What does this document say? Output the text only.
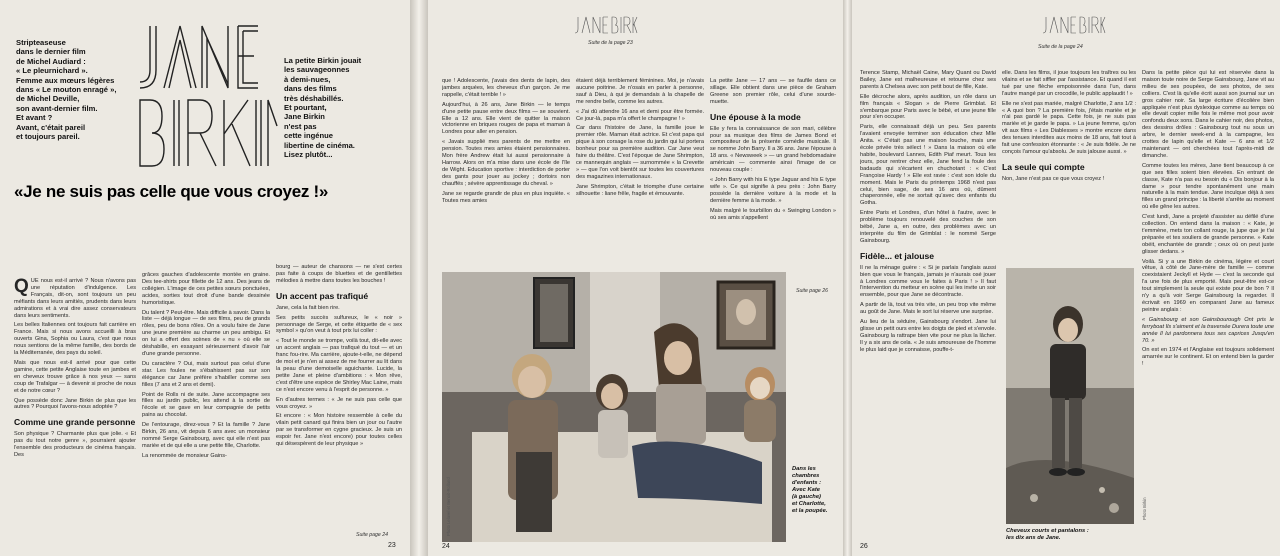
Stripteaseuse
dans le dernier film
de Michel Audiard :
« Le pleurnichard ».
Femme aux mœurs légères
dans « Le mouton enragé »,
de Michel Deville,
son avant-dernier film.
Et avant ?
Avant, c'était pareil
et toujours pareil.
La petite Birkin jouait
les sauvageonnes
à demi-nues,
dans des films
très déshabillés.
Et pourtant,
Jane Birkin
n'est pas
cette ingénue
libertine de cinéma.
Lisez plutôt...
«Je ne suis pas celle que vous croyez !»

QUE nous est-il arrivé ? Nous n'avons pas une réputation d'indulgence. Les Français, dit-on, sont toujours un peu méfiants dans leurs amitiés, prudents dans leurs admirations et à vrai dire assez conservateurs dans leurs sentiments.

Les belles Italiennes ont toujours fait carrière en France. Mais si nous avons accueilli à bras ouverts Gina, Sophia ou Laura, c'est que nous nous sentions de la même famille, des bords de la Méditerranée, des pays du soleil.

Mais que nous est-il arrivé pour que cette gamine, cette petite Anglaise toute en jambes et en cheveux trouve grâce à nos yeux — sans coup de Trafalgar — à devenir si proche de nous et de notre cœur ?

Que possède donc Jane Birkin de plus que les autres ? Pourquoi l'avons-nous adoptée ?

Comme une grande personne

Son physique ? Charmante plus que jolie. « Et pas du tout notre genre », pourraient ajouter l'ensemble des producteurs de cinéma français. Des

grâces gauches d'adolescente montée en graine. Des tee-shirts pour fillette de 12 ans. Des jeans de collégien. L'image de ces petites sœurs ponctuées, acides, sorties tout droit d'une bande dessinée humoristique.

Du talent ? Peut-être. Mais difficile à savoir. Dans la liste — déjà longue — de ses films, peu de grands rôles, peu de bons rôles. On a voulu faire de Jane une jeune première au charme un peu ambigu. Et on lui a offert des scènes de « nu » où elle se déshabille, en essayant sérieusement d'avoir l'air d'une grande personne.

Du caractère ? Oui, mais surtout pas celui d'une star. Les foules ne s'ébahissent pas sur son élégance car Jane préfère s'habiller comme ses filles (7 ans et 2 ans et demi).

Point de Rolls ni de suite. Jane accompagne ses filles au jardin public, les attend à la sortie de l'école et se gave en leur compagnie de petits pains au chocolat.

De l'entourage, direz-vous ? Et la famille ? Jane Birkin, 26 ans, vit depuis 6 ans avec un monsieur nommé Serge Gainsbourg, avec qui elle n'est pas mariée et de qui elle a une petite fille, Charlotte.

La renommée de monsieur Gains-

bourg — auteur de chansons — ne s'est certes pas faite à coups de bluettes et de gentillettes mélodies à mettre dans toutes les bouches !

Un accent pas trafiqué

Jane, cela la fait bien rire.

Ses petits succès sulfureux, le « noir » personnage de Serge, et cette étiquette de « sex symbol » qu'on veut à tout prix lui coller :

« Tout le monde se trompe, voilà tout, dit-elle avec un accent anglais — pas trafiqué du tout — et un franc fou-rire. Ma carrière, ajoute-t-elle, ne dépend de moi et je n'en ai assez de me fourrer au lit dans la peau d'une demoiselle aguichante. Lucide, la petite Jane et pleine d'ambitions : « Mon rêve, c'est d'être une espèce de Shirley Mac Laine, mais ce n'est encore venu à l'esprit de personne. »

En d'autres termes : « Je ne suis pas celle que vous croyez. »

Et encore : « Mon histoire ressemble à celle du vilain petit canard qui finira bien un jour ou l'autre par se transformer en cygne gracieux. Je suis un espoir fer. Jane n'est encore) pour toutes celles qui désespèrent de leur physique »

Suite page 24
23
Suite de la page 23

que ! Adolescente, j'avais des dents de lapin, des jambes arquées, les cheveux d'un garçon. Je me rappelle, c'était terrible ! »

Aujourd'hui, à 26 ans, Jane Birkin — le temps d'une petite pause entre deux films — se souvient. Elle a 12 ans. Elle vient de quitter la maison victorienne en briques rouges de papa et maman à Londres pour aller en pension.

« Javais supplié mes parents de me mettre en pension. Toutes mes amies étaient pensionnaires. Mon frère Andrew était lui aussi pensionnaire à Harrow. Alors on m'a mise dans une école de l'île de Wight. Education sportive : interdiction de porter des gants pour jouer au jockey ; dortoirs non chauffés ; sévère apprentissage du cheval. »

Jane se regarde grandir de plus en plus inquiète. « Toutes mes amies

étaient déjà terriblement féminines. Moi, je n'avais aucune poitrine. Je n'osais en parler à personne, sauf à Dieu, à qui je demandais à la chapelle de me rendre belle, comme les autres.

« J'ai dû attendre 16 ans et demi pour être formée. Ce jour-là, papa m'a offert le champagne ! »

Car dans l'histoire de Jane, la famille joue le premier rôle. Maman était actrice. Et c'est papa qui pique à son corsage la rose du jardin qui lui portera bonheur pour sa première audition. Car Jane veut faire du théâtre. C'est l'époque de Jane Shrimpton, ce mannequin anglais — surnommée « la Crevette » — que l'on voit bientôt sur toutes les couvertures des magazines internationaux.

Jane Shrimpton, c'était le triomphe d'une certaine silhouette : liane frêle, fragile et émouvante.

La petite Jane — 17 ans — se faufile dans ce sillage. Elle obtient dans une pièce de Graham Greene son premier rôle, celui d'une sourde-muette.

Une épouse à la mode

Elle y fera la connaissance de son mari, célèbre pour sa musique des films de James Bond et compositeur de la présente comédie musicale. Il se nomme John Barry. Il a 36 ans. Jane l'épouse à 18 ans. « Newsweek » — un grand hebdomadaire américain — commente ainsi l'image de ce nouveau couple :

« John Barry with his E type Jaguar and his E type wife ». Ce qui signifie à peu près : John Barry possède la dernière voiture à la mode et la dernière femme à la mode. »

Mais malgré le tourbillon du « Swinging London » où ses amis s'appellent

Suite page 26
Photo Lelavel et Benoit-Rolland
Dans les
chambres
d'enfants :
Avec Kate
(à gauche)
et Charlotte,
et la poupée.
24
Suite de la page 24

Terence Stamp, Michaël Caine, Mary Quant ou David Bailey, Jane est malheureuse et retourne chez ses parents à Chelsea avec son petit bout de fille, Kate.

Elle décroche alors, après audition, un rôle dans un film français « Slogan » de Pierre Grimblat. Et s'embarque pour Paris avec le bébé, et une jeune fille pour s'en occuper.

Paris, elle connaissait déjà un peu. Ses parents l'avaient envoyée terminer son éducation chez Mlle Anita. « C'était pas une maison louche, mais une école privée très sélect ! » Dans la maison où elle habite, boulevard Lannes, Edith Piaf meurt. Tous les jours, pour rentrer chez elle, Jane fend la foule des badauds qui s'écartent en chuchotant : « C'est Françoise Hardy ! » Elle est ravie : c'est son idole du moment. Mais le Paris du printemps 1968 n'est pas celui, bien sage, de ses 16 ans où, dûment chaperonnée, elle ne sortait qu'avec des enfants du Gotha.

Entre Paris et Londres, d'un hôtel à l'autre, avec le problème toujours renouvelé des couches de son bébé, Jane a, en outre, des problèmes avec un interprète du film de Grimblat : le nommé Serge Gainsbourg.

Fidèle... et jalouse

Il ne la ménage guère : « Si je parlais l'anglais aussi bien que vous le français, jamais je n'aurais osé jouer à Londres comme vous le faites à Paris ! » Il faut l'intervention du metteur en scène qui les invite un soir ensemble, pour que Jane se décontracte.

A partir de là, tout va très vite, un peu trop vite même au goût de Jane. Mais le sort lui réserve une surprise.

Au lieu de la séduire, Gainsbourg s'endort. Jane lui glisse un petit ours entre les doigts de pied et s'envole. Gainsbourg la rattrape bien vite pour ne plus la lâcher. Il y a six ans de cela. « Je suis amoureuse de l'homme le plus laid que je connaisse, pouffe-t-

elle. Dans les films, il joue toujours les traîtres ou les vilains et se fait siffler par l'assistance. Et quand il est tué par une flèche empoisonnée dans l'un, dans l'autre mangé par un crocodile, le public applaudit ! »

Elle ne s'est pas mariée, malgré Charlotte, 2 ans 1/2 : « A quoi bon ? La première fois, j'étais mariée et je n'ai pas gardé le papa. Cette fois, je ne suis pas mariée et je garde le papa. » La jeune femme, qu'on vit aux films « Les Diablesses » montre encore dans des tenues interdites aux moins de 18 ans, fait tout à fait une confession étonnante : « Je suis fidèle. Je ne conçois l'amour qu'absolu. Je suis jalouse aussi. »

La seule qui compte

Non, Jane n'est pas ce que vous croyez !

Photo Birkin
Cheveux courts et pantalons :
les dix ans de Jane.

Dans la petite pièce qui lui est réservée dans la maison toute noire de Serge Gainsbourg, Jane vit au milieu de ses poupées, de ses photos, de ses colliers. C'est là qu'elle écrit aussi son journal sur un gros cahier noir. Sa large écriture d'écolière bien appliquée n'est plus dyslexique comme au temps où elle devait copier mille fois le même mot pour avoir confondu deux sons. Dans le cahier noir, des photos, des dessins drôles : Gainsbourg tout nu sous un arbre, le dernier week-end à la campagne, les crottes de lapin qu'elle et Kate — 6 ans et 1/2 maintenant — ont cherchées tout l'après-midi de dimanche.

Comme toutes les mères, Jane tient beaucoup à ce que ses filles soient bien élevées. En entrant de classe, Kate n'a pas eu besoin du « Dis bonjour à la dame » pour tendre spontanément une main naturelle à la main tendue. Jane inculque déjà à ses filles un grand principe : la liberté s'arrête au moment où elle gêne les autres.

C'est lundi, Jane a projeté d'assister au défilé d'une collection. On entend dans la maison : « Kate, je t'emmène, mets ton collant rouge, la jupe que je t'ai préparée et tes souliers de grande personne. » Kate obéit, enchantée de grandir ; ceux où on peut juste glisser dedans. »

Voilà. Si y a une Birkin de cinéma, légère et court vêtue, à côté de Jane-mère de famille — comme coexistaient Jeckyll et Hyde — c'est la seconde qui l'a une fois de plus emporté. Mais peut-être est-ce tout simplement la seule qui existe pour de bon ? Il n'y a qu'à voir Serge Gainsbourg la regarder. Il écrivait en 1969 en comparant Jane au fameux peintre anglais :

« Gainsbourg et son Gainsbourough Ont pris le ferryboat Ils s'aiment et la traversée Durera toute une année Il lui pardonnera tous ses caprices Jusqu'en 70. »

On est en 1974 et l'Anglaise est toujours solidement amarrée sur le continent. Et on entend bien la garder !

26
